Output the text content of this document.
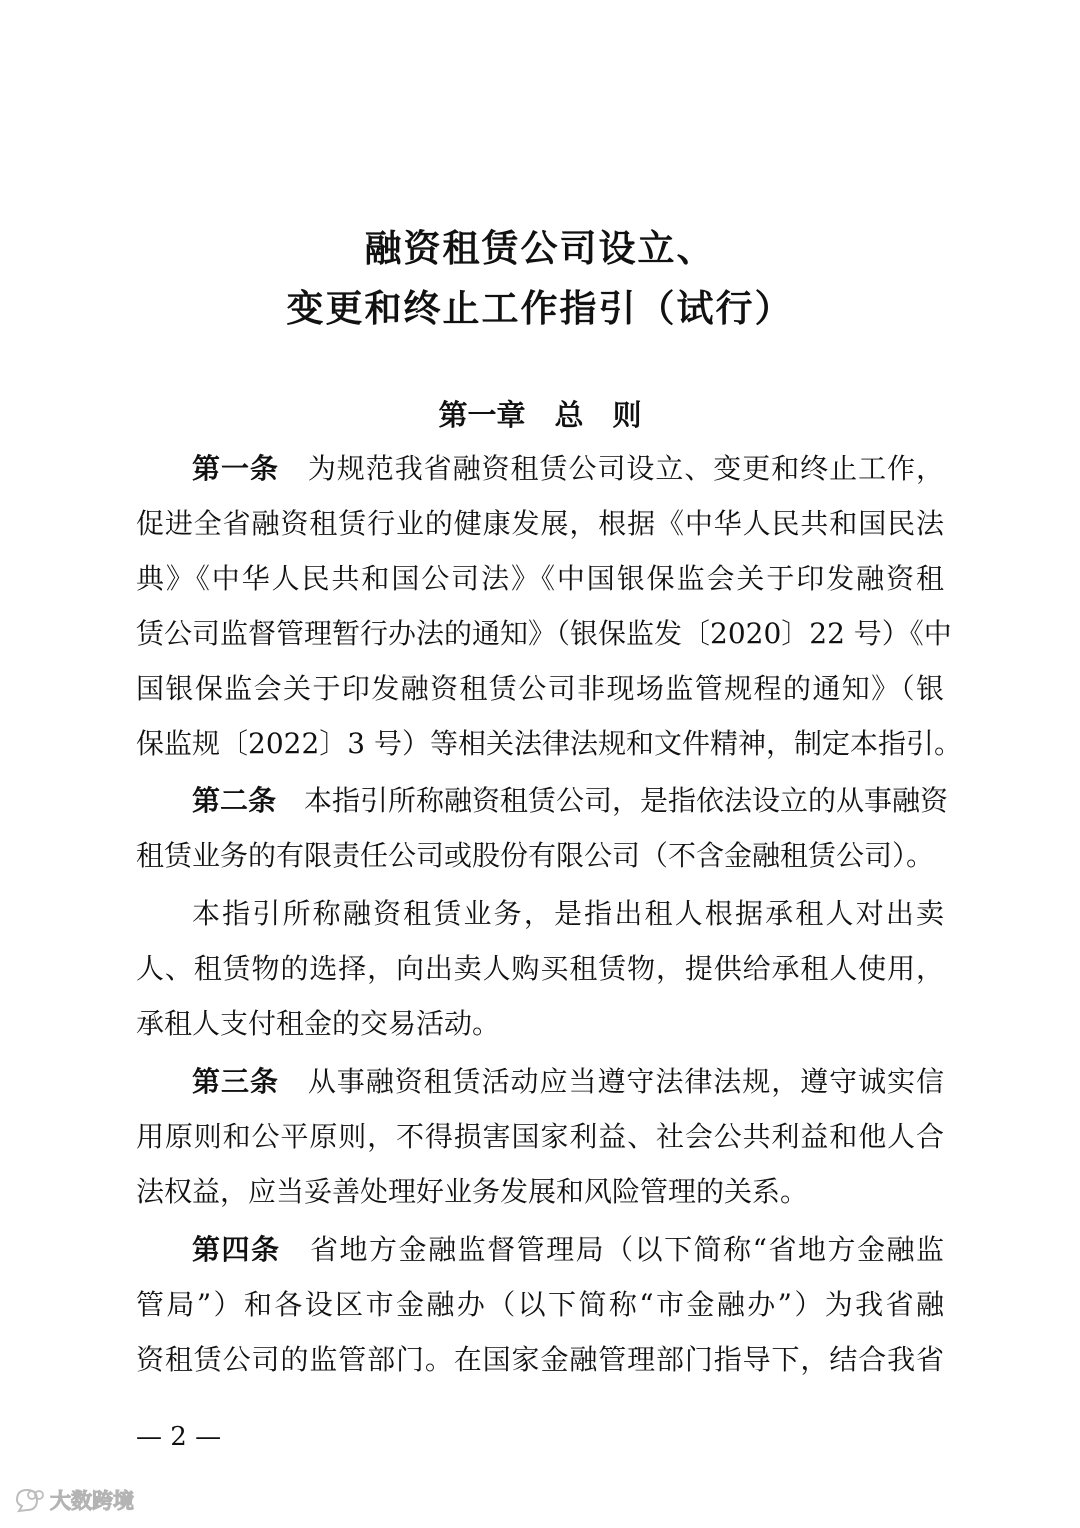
融资租赁公司设立、
变更和终止工作指引（试行）
第一章　总　则
第一条　为规范我省融资租赁公司设立、变更和终止工作，
促进全省融资租赁行业的健康发展，根据《中华人民共和国民法
典》《中华人民共和国公司法》《中国银保监会关于印发融资租
赁公司监督管理暂行办法的通知》（银保监发〔2020〕22 号）《中
国银保监会关于印发融资租赁公司非现场监管规程的通知》（银
保监规〔2022〕3 号）等相关法律法规和文件精神，制定本指引。
第二条　本指引所称融资租赁公司，是指依法设立的从事融资
租赁业务的有限责任公司或股份有限公司（不含金融租赁公司）。
本指引所称融资租赁业务，是指出租人根据承租人对出卖
人、租赁物的选择，向出卖人购买租赁物，提供给承租人使用，
承租人支付租金的交易活动。
第三条　从事融资租赁活动应当遵守法律法规，遵守诚实信
用原则和公平原则，不得损害国家利益、社会公共利益和他人合
法权益，应当妥善处理好业务发展和风险管理的关系。
第四条　省地方金融监督管理局（以下简称“省地方金融监
管局”）和各设区市金融办（以下简称“市金融办”）为我省融
资租赁公司的监管部门。在国家金融管理部门指导下，结合我省
— 2 —
大数跨境
